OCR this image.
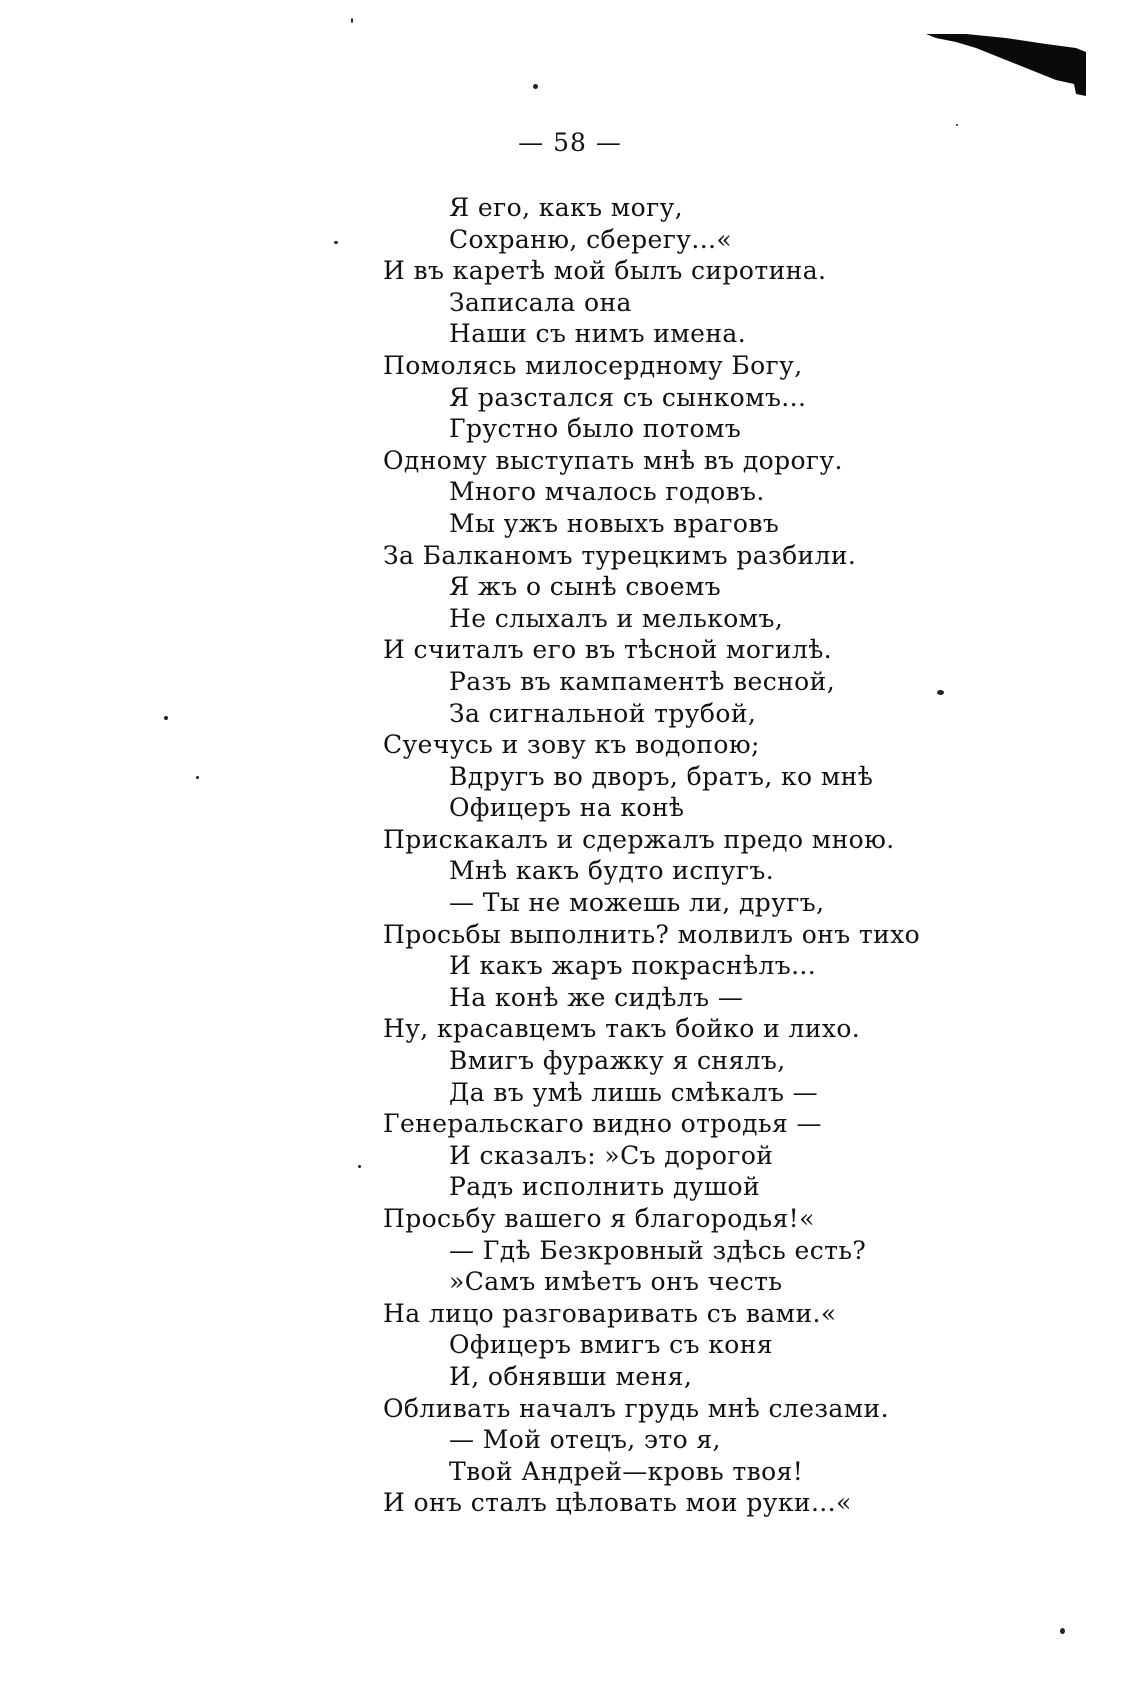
— 58 —
Я его, какъ могу,
Сохраню, сберегу...«
И въ каретѣ мой былъ сиротина.
Записала она
Наши съ нимъ имена.
Помолясь милосердному Богу,
Я разстался съ сынкомъ...
Грустно было потомъ
Одному выступать мнѣ въ дорогу.
Много мчалось годовъ.
Мы ужъ новыхъ враговъ
За Балканомъ турецкимъ разбили.
Я жъ о сынѣ своемъ
Не слыхалъ и мелькомъ,
И считалъ его въ тѣсной могилѣ.
Разъ въ кампаментѣ весной,
За сигнальной трубой,
Суечусь и зову къ водопою;
Вдругъ во дворъ, братъ, ко мнѣ
Офицеръ на конѣ
Прискакалъ и сдержалъ предо мною.
Мнѣ какъ будто испугъ.
— Ты не можешь ли, другъ,
Просьбы выполнить? молвилъ онъ тихо
И какъ жаръ покраснѣлъ...
На конѣ же сидѣлъ —
Ну, красавцемъ такъ бойко и лихо.
Вмигъ фуражку я снялъ,
Да въ умѣ лишь смѣкалъ —
Генеральскаго видно отродья —
И сказалъ: »Съ дорогой
Радъ исполнить душой
Просьбу вашего я благородья!«
— Гдѣ Безкровный здѣсь есть?
»Самъ имѣетъ онъ честь
На лицо разговаривать съ вами.«
Офицеръ вмигъ съ коня
И, обнявши меня,
Обливать началъ грудь мнѣ слезами.
— Мой отецъ, это я,
Твой Андрей—кровь твоя!
И онъ сталъ цѣловать мои руки...«
